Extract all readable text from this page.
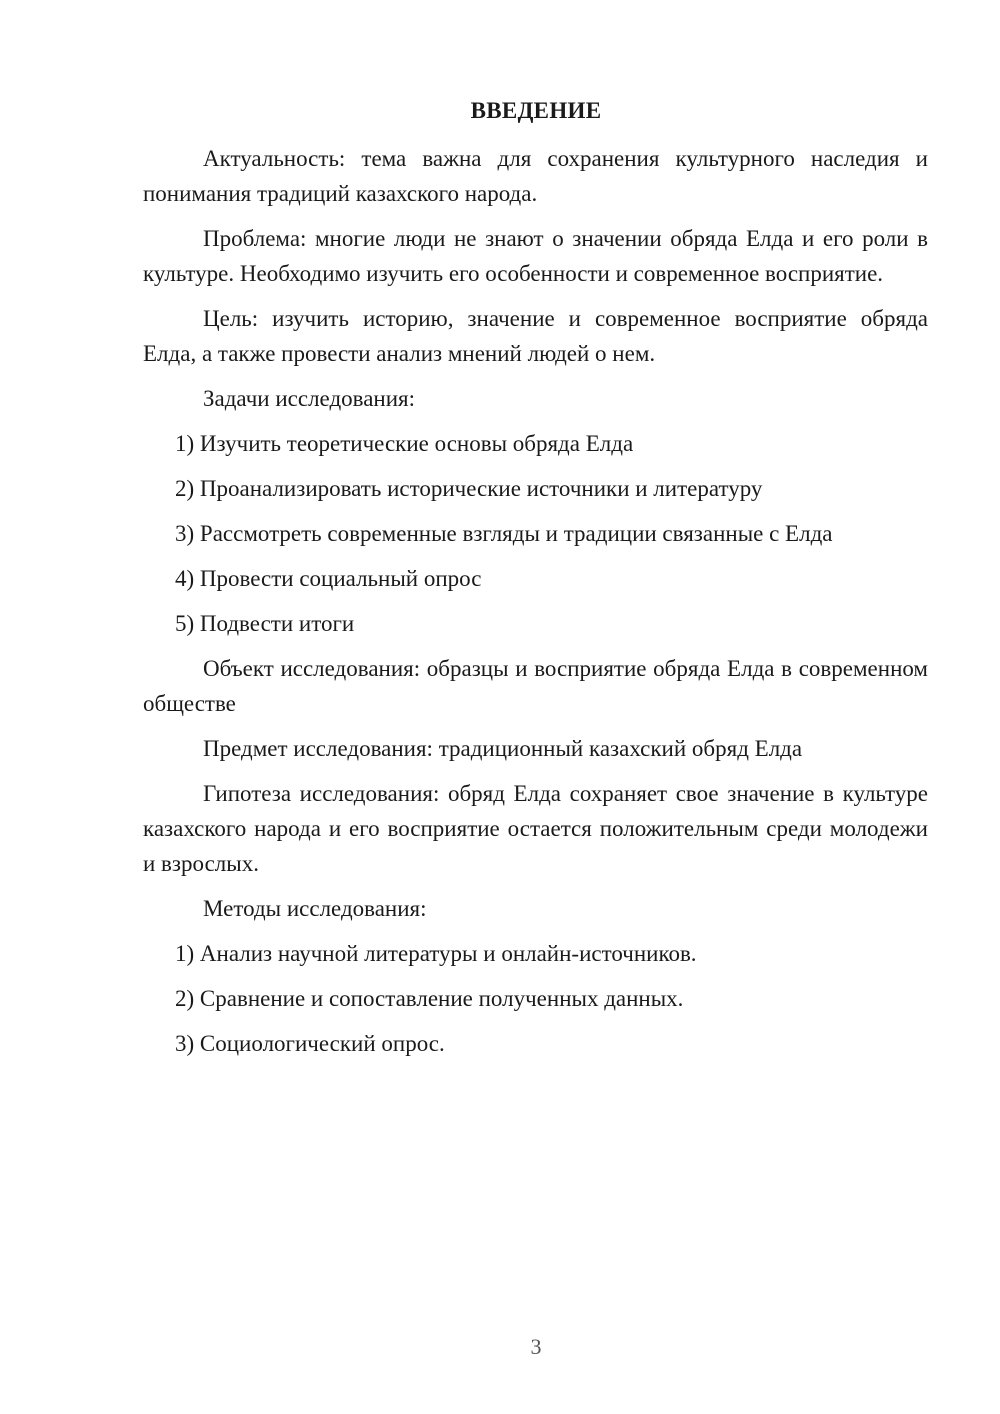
ВВЕДЕНИЕ

Актуальность: тема важна для сохранения культурного наследия и понимания традиций казахского народа.

Проблема: многие люди не знают о значении обряда Елда и его роли в культуре. Необходимо изучить его особенности и современное восприятие.

Цель: изучить историю, значение и современное восприятие обряда Елда, а также провести анализ мнений людей о нем.

Задачи исследования:

1) Изучить теоретические основы обряда Елда

2) Проанализировать исторические источники и литературу

3) Рассмотреть современные взгляды и традиции связанные с Елда

4) Провести социальный опрос

5) Подвести итоги

Объект исследования: образцы и восприятие обряда Елда в современном обществе

Предмет исследования: традиционный казахский обряд Елда

Гипотеза исследования: обряд Елда сохраняет свое значение в культуре казахского народа и его восприятие остается положительным среди молодежи и взрослых.

Методы исследования:

1) Анализ научной литературы и онлайн-источников.

2) Сравнение и сопоставление полученных данных.

3) Социологический опрос.

3
